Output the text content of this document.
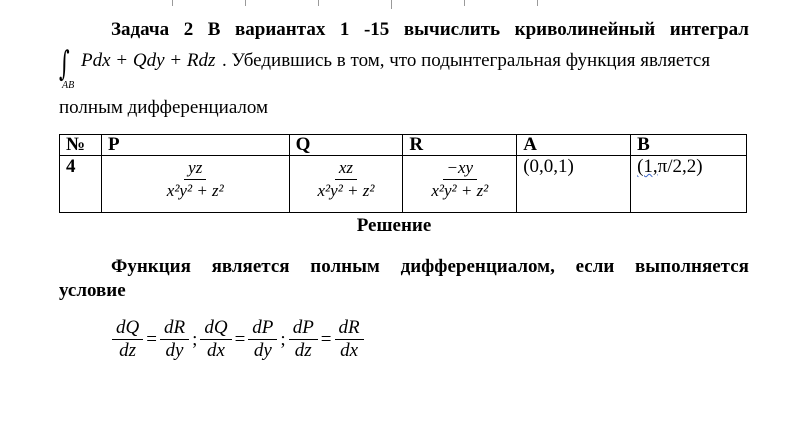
Задача 2 В вариантах 1 -15 вычислить криволинейный интеграл
∫
AB
Pdx + Qdy + Rdz . Убедившись в том, что подынтегральная функция является
полным дифференциалом
№	P	Q	R	A	B
4	$\frac{yz}{\text{x²y² + z²}}$	$\frac{xz}{\text{x²y² + z²}}$	$\frac{-xy}{\text{x²y² + z²}}$	(0,0,1)	(1,π/2,2)
Решение
Функция является полным дифференциалом, если выполняется
условие
$\frac{dQ}{dz} = \frac{dR}{dy}$ ; $\frac{dQ}{dx} = \frac{dP}{dy}$ ; $\frac{dP}{dz} = \frac{dR}{dx}$
